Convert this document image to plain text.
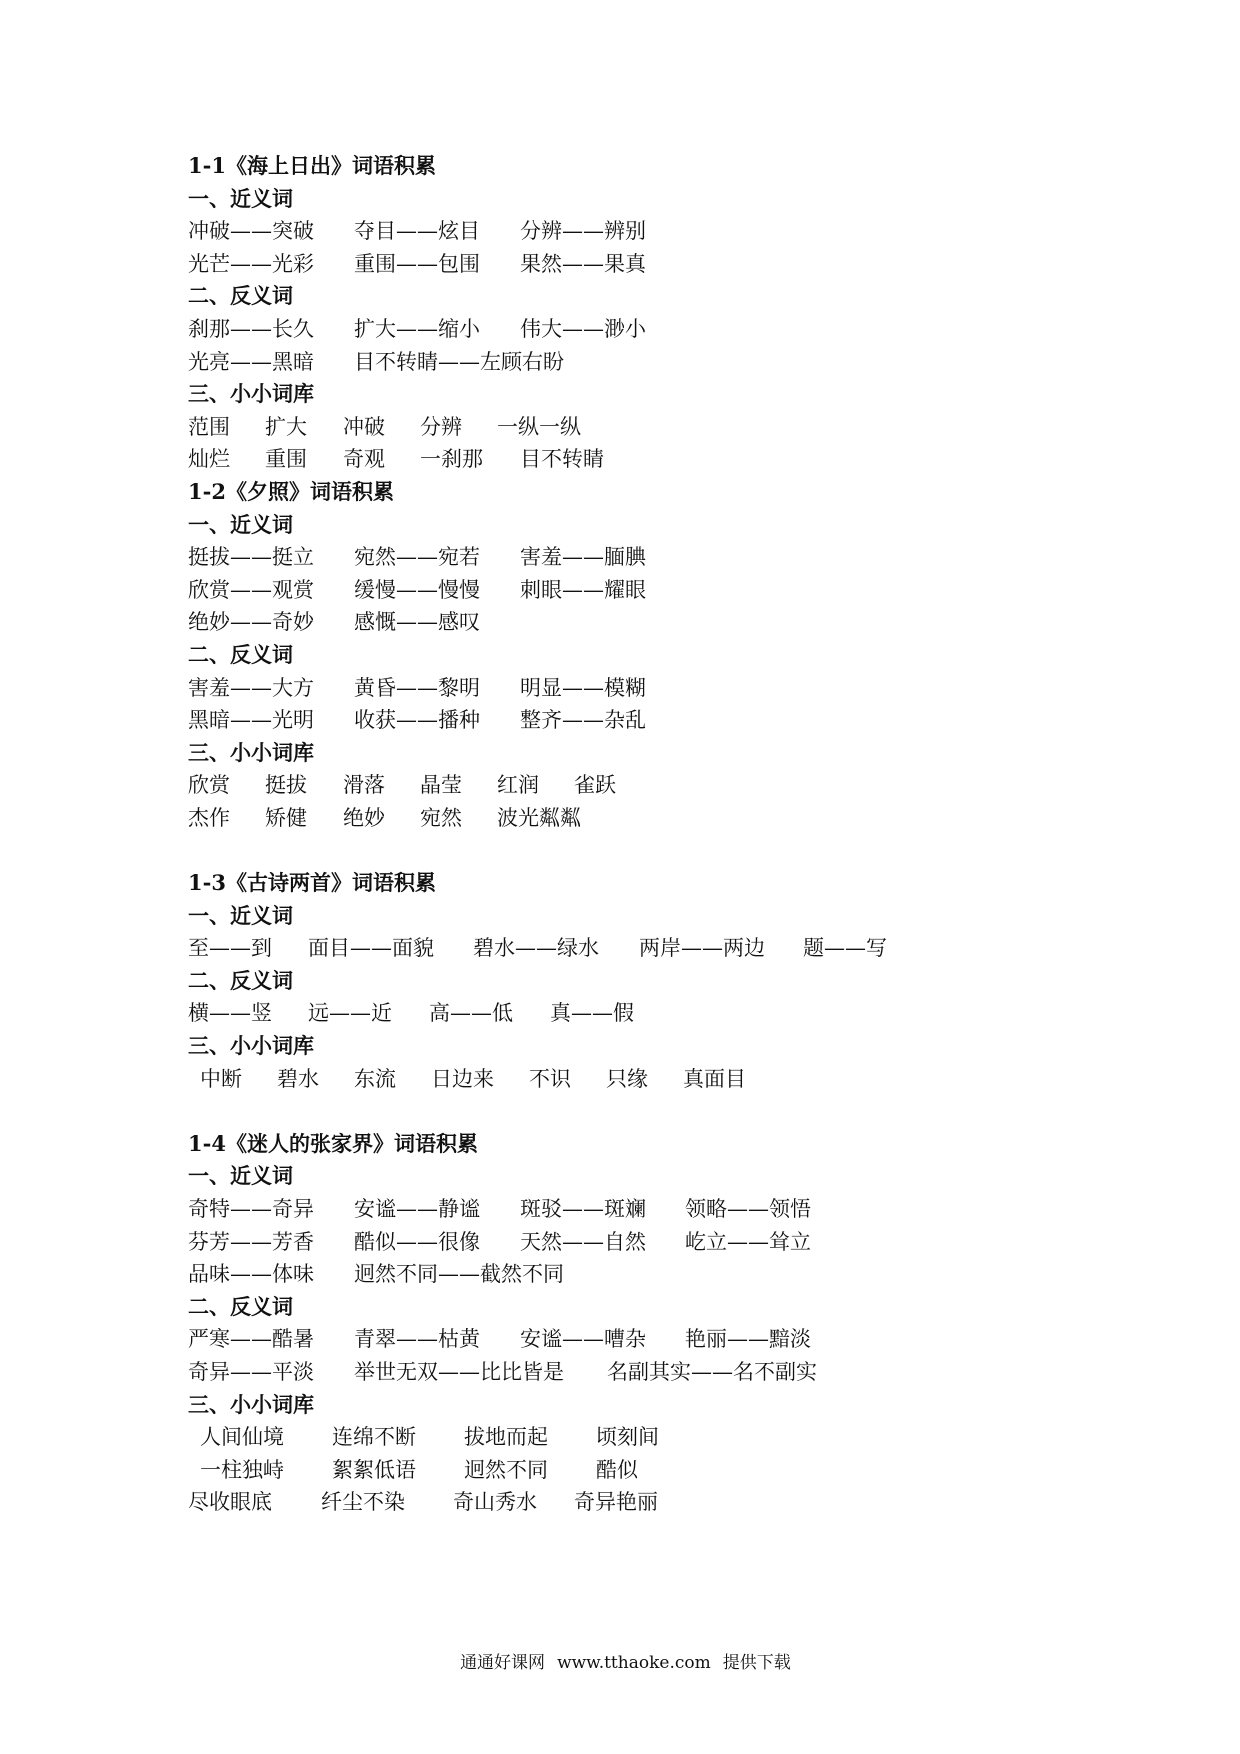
1-1《海上日出》词语积累
一、近义词

冲破——突破

夺目——炫目

分辨——辨别

光芒——光彩

重围——包围

果然——果真

二、反义词

刹那——长久

扩大——缩小

伟大——渺小

光亮——黑暗

目不转睛——左顾右盼

三、小小词库

范围

扩大

冲破

分辨

一纵一纵

灿烂

重围

奇观

一刹那

目不转睛

1-2《夕照》词语积累
一、近义词

挺拔——挺立

宛然——宛若

害羞——腼腆

欣赏——观赏

缓慢——慢慢

刺眼——耀眼

绝妙——奇妙

感慨——感叹

二、反义词

害羞——大方

黄昏——黎明

明显——模糊

黑暗——光明

收获——播种

整齐——杂乱

三、小小词库

欣赏

挺拔

滑落

晶莹

红润

雀跃

杰作

矫健

绝妙

宛然

波光粼粼

1-3《古诗两首》词语积累
一、近义词

至——到

面目——面貌

碧水——绿水

两岸——两边

题——写

二、反义词

横——竖

远——近

高——低

真——假

三、小小词库

中断

碧水

东流

日边来

不识

只缘

真面目

1-4《迷人的张家界》词语积累
一、近义词

奇特——奇异

安谧——静谧

斑驳——斑斓

领略——领悟

芬芳——芳香

酷似——很像

天然——自然

屹立——耸立

品味——体味

迥然不同——截然不同

二、反义词

严寒——酷暑

青翠——枯黄

安谧——嘈杂

艳丽——黯淡

奇异——平淡

举世无双——比比皆是

名副其实——名不副实

三、小小词库

人间仙境

连绵不断

拔地而起

顷刻间

一柱独峙

絮絮低语

迥然不同

酷似

尽收眼底

纤尘不染

奇山秀水

奇异艳丽

通通好课网 www.tthaoke.com 提供下载
